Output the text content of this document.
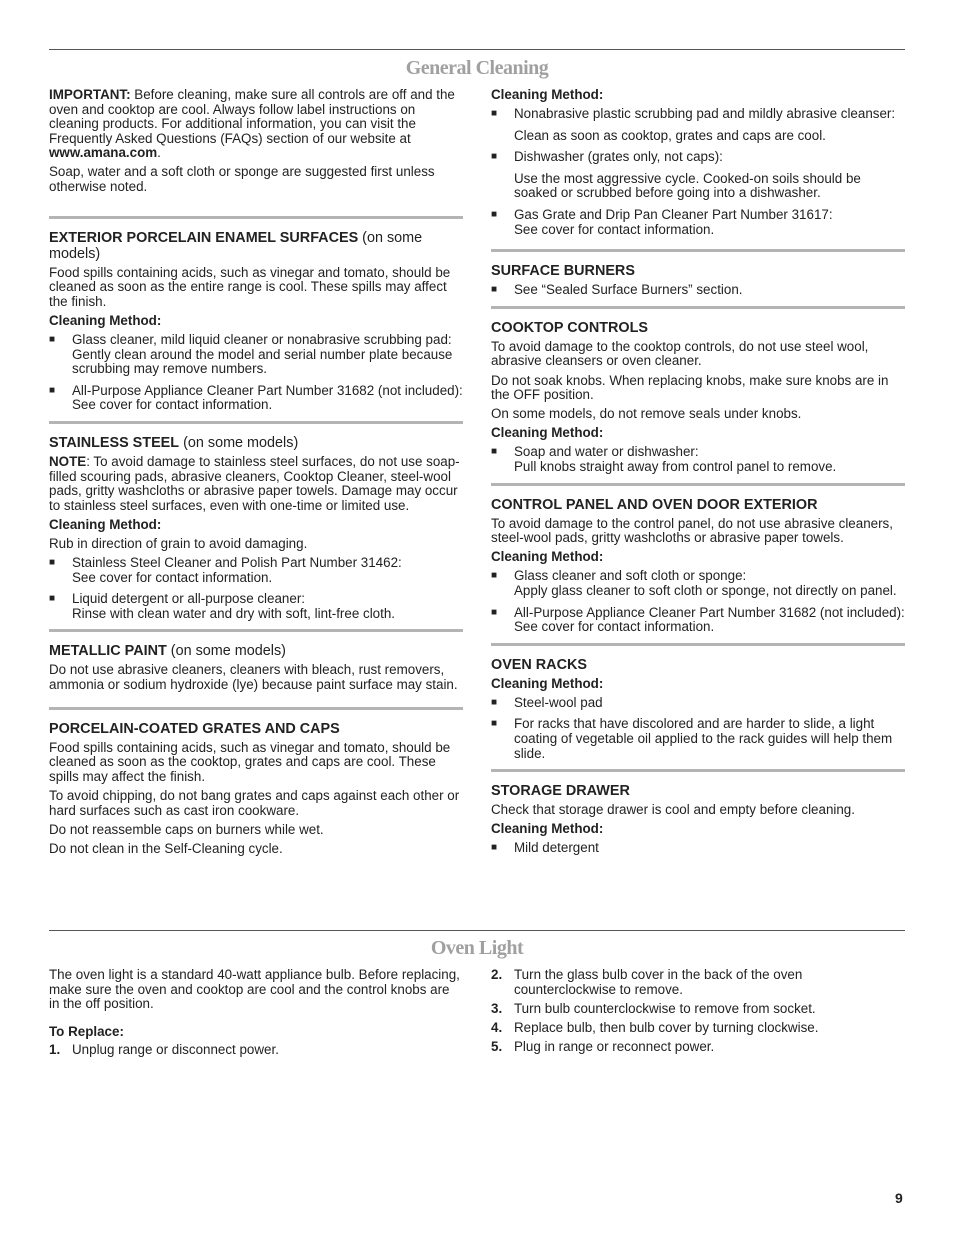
General Cleaning

IMPORTANT: Before cleaning, make sure all controls are off and the oven and cooktop are cool. Always follow label instructions on cleaning products. For additional information, you can visit the Frequently Asked Questions (FAQs) section of our website at www.amana.com.

Soap, water and a soft cloth or sponge are suggested first unless otherwise noted.

EXTERIOR PORCELAIN ENAMEL SURFACES (on some models)

Food spills containing acids, such as vinegar and tomato, should be cleaned as soon as the entire range is cool. These spills may affect the finish.

Cleaning Method:

■ Glass cleaner, mild liquid cleaner or nonabrasive scrubbing pad:
Gently clean around the model and serial number plate because scrubbing may remove numbers.
■ All-Purpose Appliance Cleaner Part Number 31682 (not included):
See cover for contact information.
STAINLESS STEEL (on some models)

NOTE: To avoid damage to stainless steel surfaces, do not use soap-filled scouring pads, abrasive cleaners, Cooktop Cleaner, steel-wool pads, gritty washcloths or abrasive paper towels. Damage may occur to stainless steel surfaces, even with one-time or limited use.

Cleaning Method:

Rub in direction of grain to avoid damaging.

■ Stainless Steel Cleaner and Polish Part Number 31462:
See cover for contact information.
■ Liquid detergent or all-purpose cleaner:
Rinse with clean water and dry with soft, lint-free cloth.
METALLIC PAINT (on some models)

Do not use abrasive cleaners, cleaners with bleach, rust removers, ammonia or sodium hydroxide (lye) because paint surface may stain.

PORCELAIN-COATED GRATES AND CAPS

Food spills containing acids, such as vinegar and tomato, should be cleaned as soon as the cooktop, grates and caps are cool. These spills may affect the finish.

To avoid chipping, do not bang grates and caps against each other or hard surfaces such as cast iron cookware.

Do not reassemble caps on burners while wet.

Do not clean in the Self-Cleaning cycle.

Cleaning Method:

■ Nonabrasive plastic scrubbing pad and mildly abrasive cleanser:
Clean as soon as cooktop, grates and caps are cool.
■ Dishwasher (grates only, not caps):
Use the most aggressive cycle. Cooked-on soils should be soaked or scrubbed before going into a dishwasher.
■ Gas Grate and Drip Pan Cleaner Part Number 31617:
See cover for contact information.
SURFACE BURNERS
■ See “Sealed Surface Burners” section.
COOKTOP CONTROLS

To avoid damage to the cooktop controls, do not use steel wool, abrasive cleansers or oven cleaner.

Do not soak knobs. When replacing knobs, make sure knobs are in the OFF position.

On some models, do not remove seals under knobs.

Cleaning Method:

■ Soap and water or dishwasher:
Pull knobs straight away from control panel to remove.
CONTROL PANEL AND OVEN DOOR EXTERIOR

To avoid damage to the control panel, do not use abrasive cleaners, steel-wool pads, gritty washcloths or abrasive paper towels.

Cleaning Method:

■ Glass cleaner and soft cloth or sponge:
Apply glass cleaner to soft cloth or sponge, not directly on panel.
■ All-Purpose Appliance Cleaner Part Number 31682 (not included):
See cover for contact information.
OVEN RACKS

Cleaning Method:

■ Steel-wool pad
■ For racks that have discolored and are harder to slide, a light coating of vegetable oil applied to the rack guides will help them slide.
STORAGE DRAWER

Check that storage drawer is cool and empty before cleaning.

Cleaning Method:

■ Mild detergent
Oven Light

The oven light is a standard 40-watt appliance bulb. Before replacing, make sure the oven and cooktop are cool and the control knobs are in the off position.

To Replace:

1. Unplug range or disconnect power.
2. Turn the glass bulb cover in the back of the oven counterclockwise to remove.
3. Turn bulb counterclockwise to remove from socket.
4. Replace bulb, then bulb cover by turning clockwise.
5. Plug in range or reconnect power.
9
